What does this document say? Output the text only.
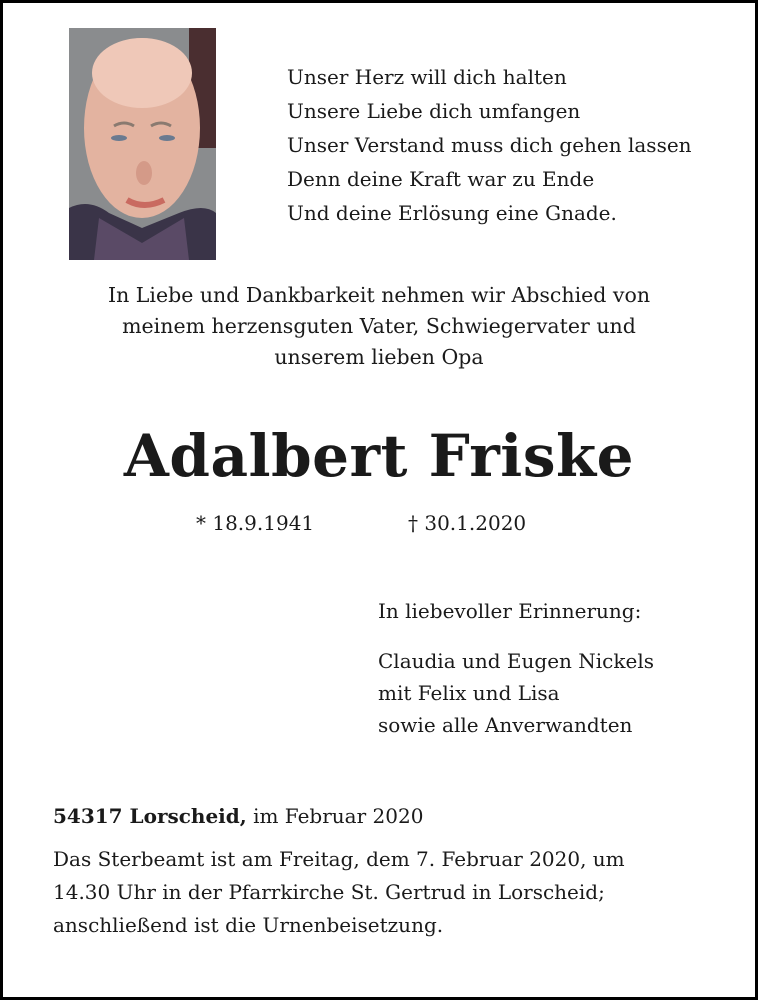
Unser Herz will dich halten
Unsere Liebe dich umfangen
Unser Verstand muss dich gehen lassen
Denn deine Kraft war zu Ende
Und deine Erlösung eine Gnade.
In Liebe und Dankbarkeit nehmen wir Abschied von
meinem herzensguten Vater, Schwiegervater und
unserem lieben Opa
Adalbert Friske
* 18.9.1941	† 30.1.2020
In liebevoller Erinnerung:
Claudia und Eugen Nickels
mit Felix und Lisa
sowie alle Anverwandten
54317 Lorscheid, im Februar 2020
Das Sterbeamt ist am Freitag, dem 7. Februar 2020, um
14.30 Uhr in der Pfarrkirche St. Gertrud in Lorscheid;
anschließend ist die Urnenbeisetzung.
